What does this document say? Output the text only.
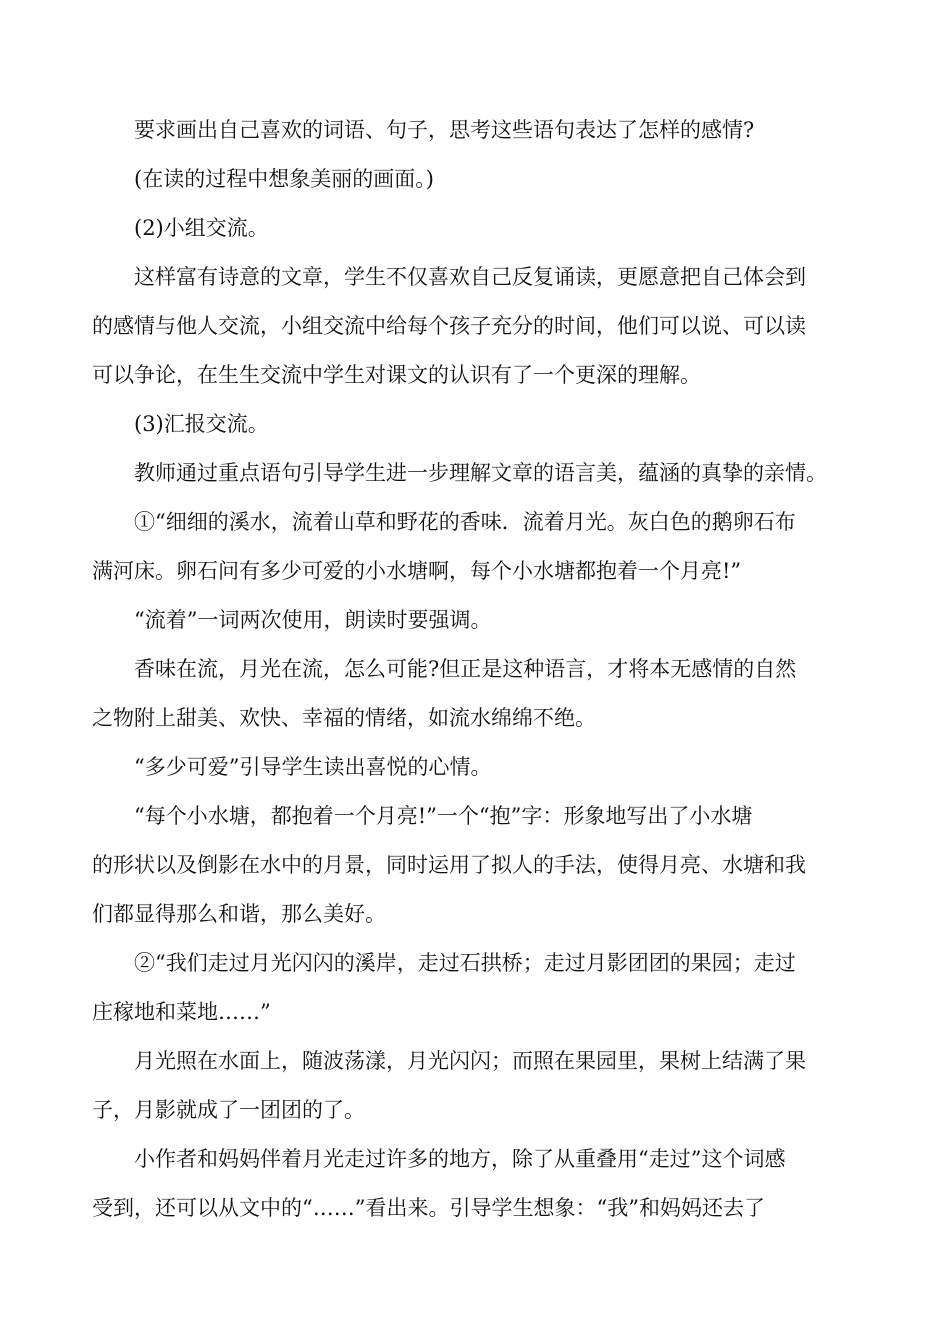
要求画出自己喜欢的词语、句子，思考这些语句表达了怎样的感情?
(在读的过程中想象美丽的画面。)
(2)小组交流。
这样富有诗意的文章，学生不仅喜欢自己反复诵读，更愿意把自己体会到
的感情与他人交流，小组交流中给每个孩子充分的时间，他们可以说、可以读
可以争论，在生生交流中学生对课文的认识有了一个更深的理解。
(3)汇报交流。
教师通过重点语句引导学生进一步理解文章的语言美，蕴涵的真挚的亲情。
①“细细的溪水，流着山草和野花的香味．流着月光。灰白色的鹅卵石布
满河床。卵石问有多少可爱的小水塘啊，每个小水塘都抱着一个月亮!”
“流着”一词两次使用，朗读时要强调。
香味在流，月光在流，怎么可能?但正是这种语言，才将本无感情的自然
之物附上甜美、欢快、幸福的情绪，如流水绵绵不绝。
“多少可爱”引导学生读出喜悦的心情。
“每个小水塘，都抱着一个月亮!”一个“抱”字：形象地写出了小水塘
的形状以及倒影在水中的月景，同时运用了拟人的手法，使得月亮、水塘和我
们都显得那么和谐，那么美好。
②“我们走过月光闪闪的溪岸，走过石拱桥；走过月影团团的果园；走过
庄稼地和菜地……”
月光照在水面上，随波荡漾，月光闪闪；而照在果园里，果树上结满了果
子，月影就成了一团团的了。
小作者和妈妈伴着月光走过许多的地方，除了从重叠用“走过”这个词感
受到，还可以从文中的“……”看出来。引导学生想象：“我”和妈妈还去了
